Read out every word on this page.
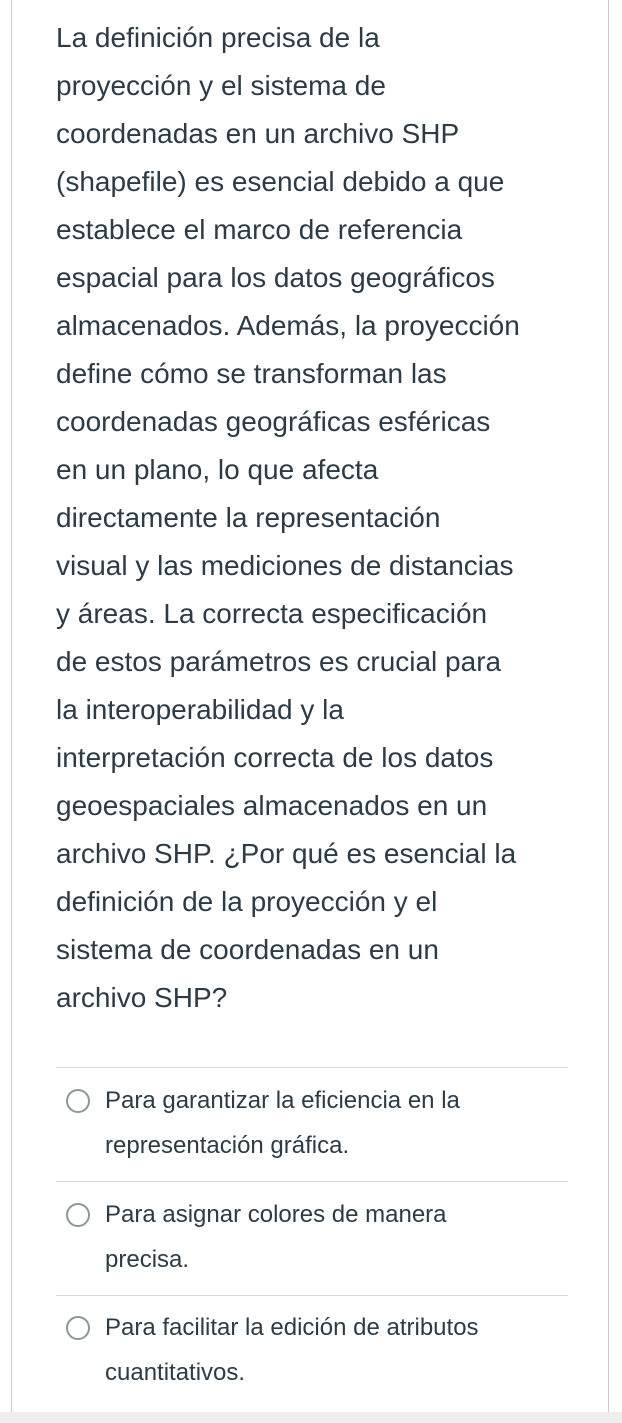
La definición precisa de la
proyección y el sistema de
coordenadas en un archivo SHP
(shapefile) es esencial debido a que
establece el marco de referencia
espacial para los datos geográficos
almacenados. Además, la proyección
define cómo se transforman las
coordenadas geográficas esféricas
en un plano, lo que afecta
directamente la representación
visual y las mediciones de distancias
y áreas. La correcta especificación
de estos parámetros es crucial para
la interoperabilidad y la
interpretación correcta de los datos
geoespaciales almacenados en un
archivo SHP. ¿Por qué es esencial la
definición de la proyección y el
sistema de coordenadas en un
archivo SHP?

Para garantizar la eficiencia en la
representación gráfica.
Para asignar colores de manera
precisa.
Para facilitar la edición de atributos
cuantitativos.
